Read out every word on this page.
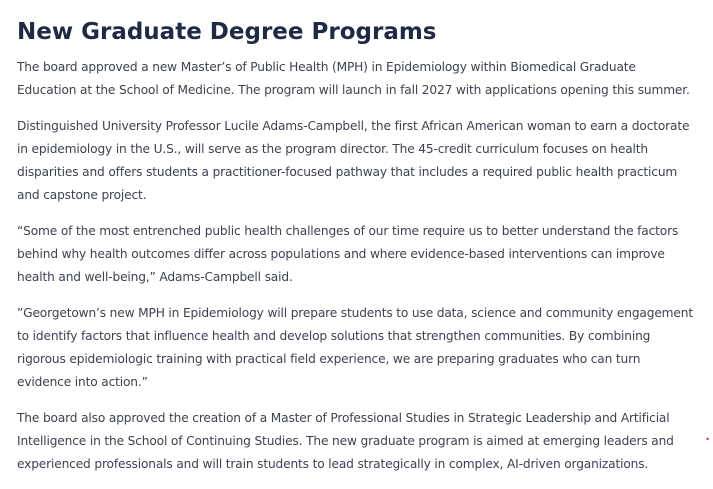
New Graduate Degree Programs

The board approved a new Master’s of Public Health (MPH) in Epidemiology within Biomedical Graduate Education at the School of Medicine. The program will launch in fall 2027 with applications opening this summer.

Distinguished University Professor Lucile Adams-Campbell, the first African American woman to earn a doctorate in epidemiology in the U.S., will serve as the program director. The 45-credit curriculum focuses on health disparities and offers students a practitioner-focused pathway that includes a required public health practicum and capstone project.

“Some of the most entrenched public health challenges of our time require us to better understand the factors behind why health outcomes differ across populations and where evidence-based interventions can improve health and well-being,” Adams-Campbell said.

”Georgetown’s new MPH in Epidemiology will prepare students to use data, science and community engagement to identify factors that influence health and develop solutions that strengthen communities. By combining rigorous epidemiologic training with practical field experience, we are preparing graduates who can turn evidence into action.”

The board also approved the creation of a Master of Professional Studies in Strategic Leadership and Artificial Intelligence in the School of Continuing Studies. The new graduate program is aimed at emerging leaders and experienced professionals and will train students to lead strategically in complex, AI-driven organizations.

•
